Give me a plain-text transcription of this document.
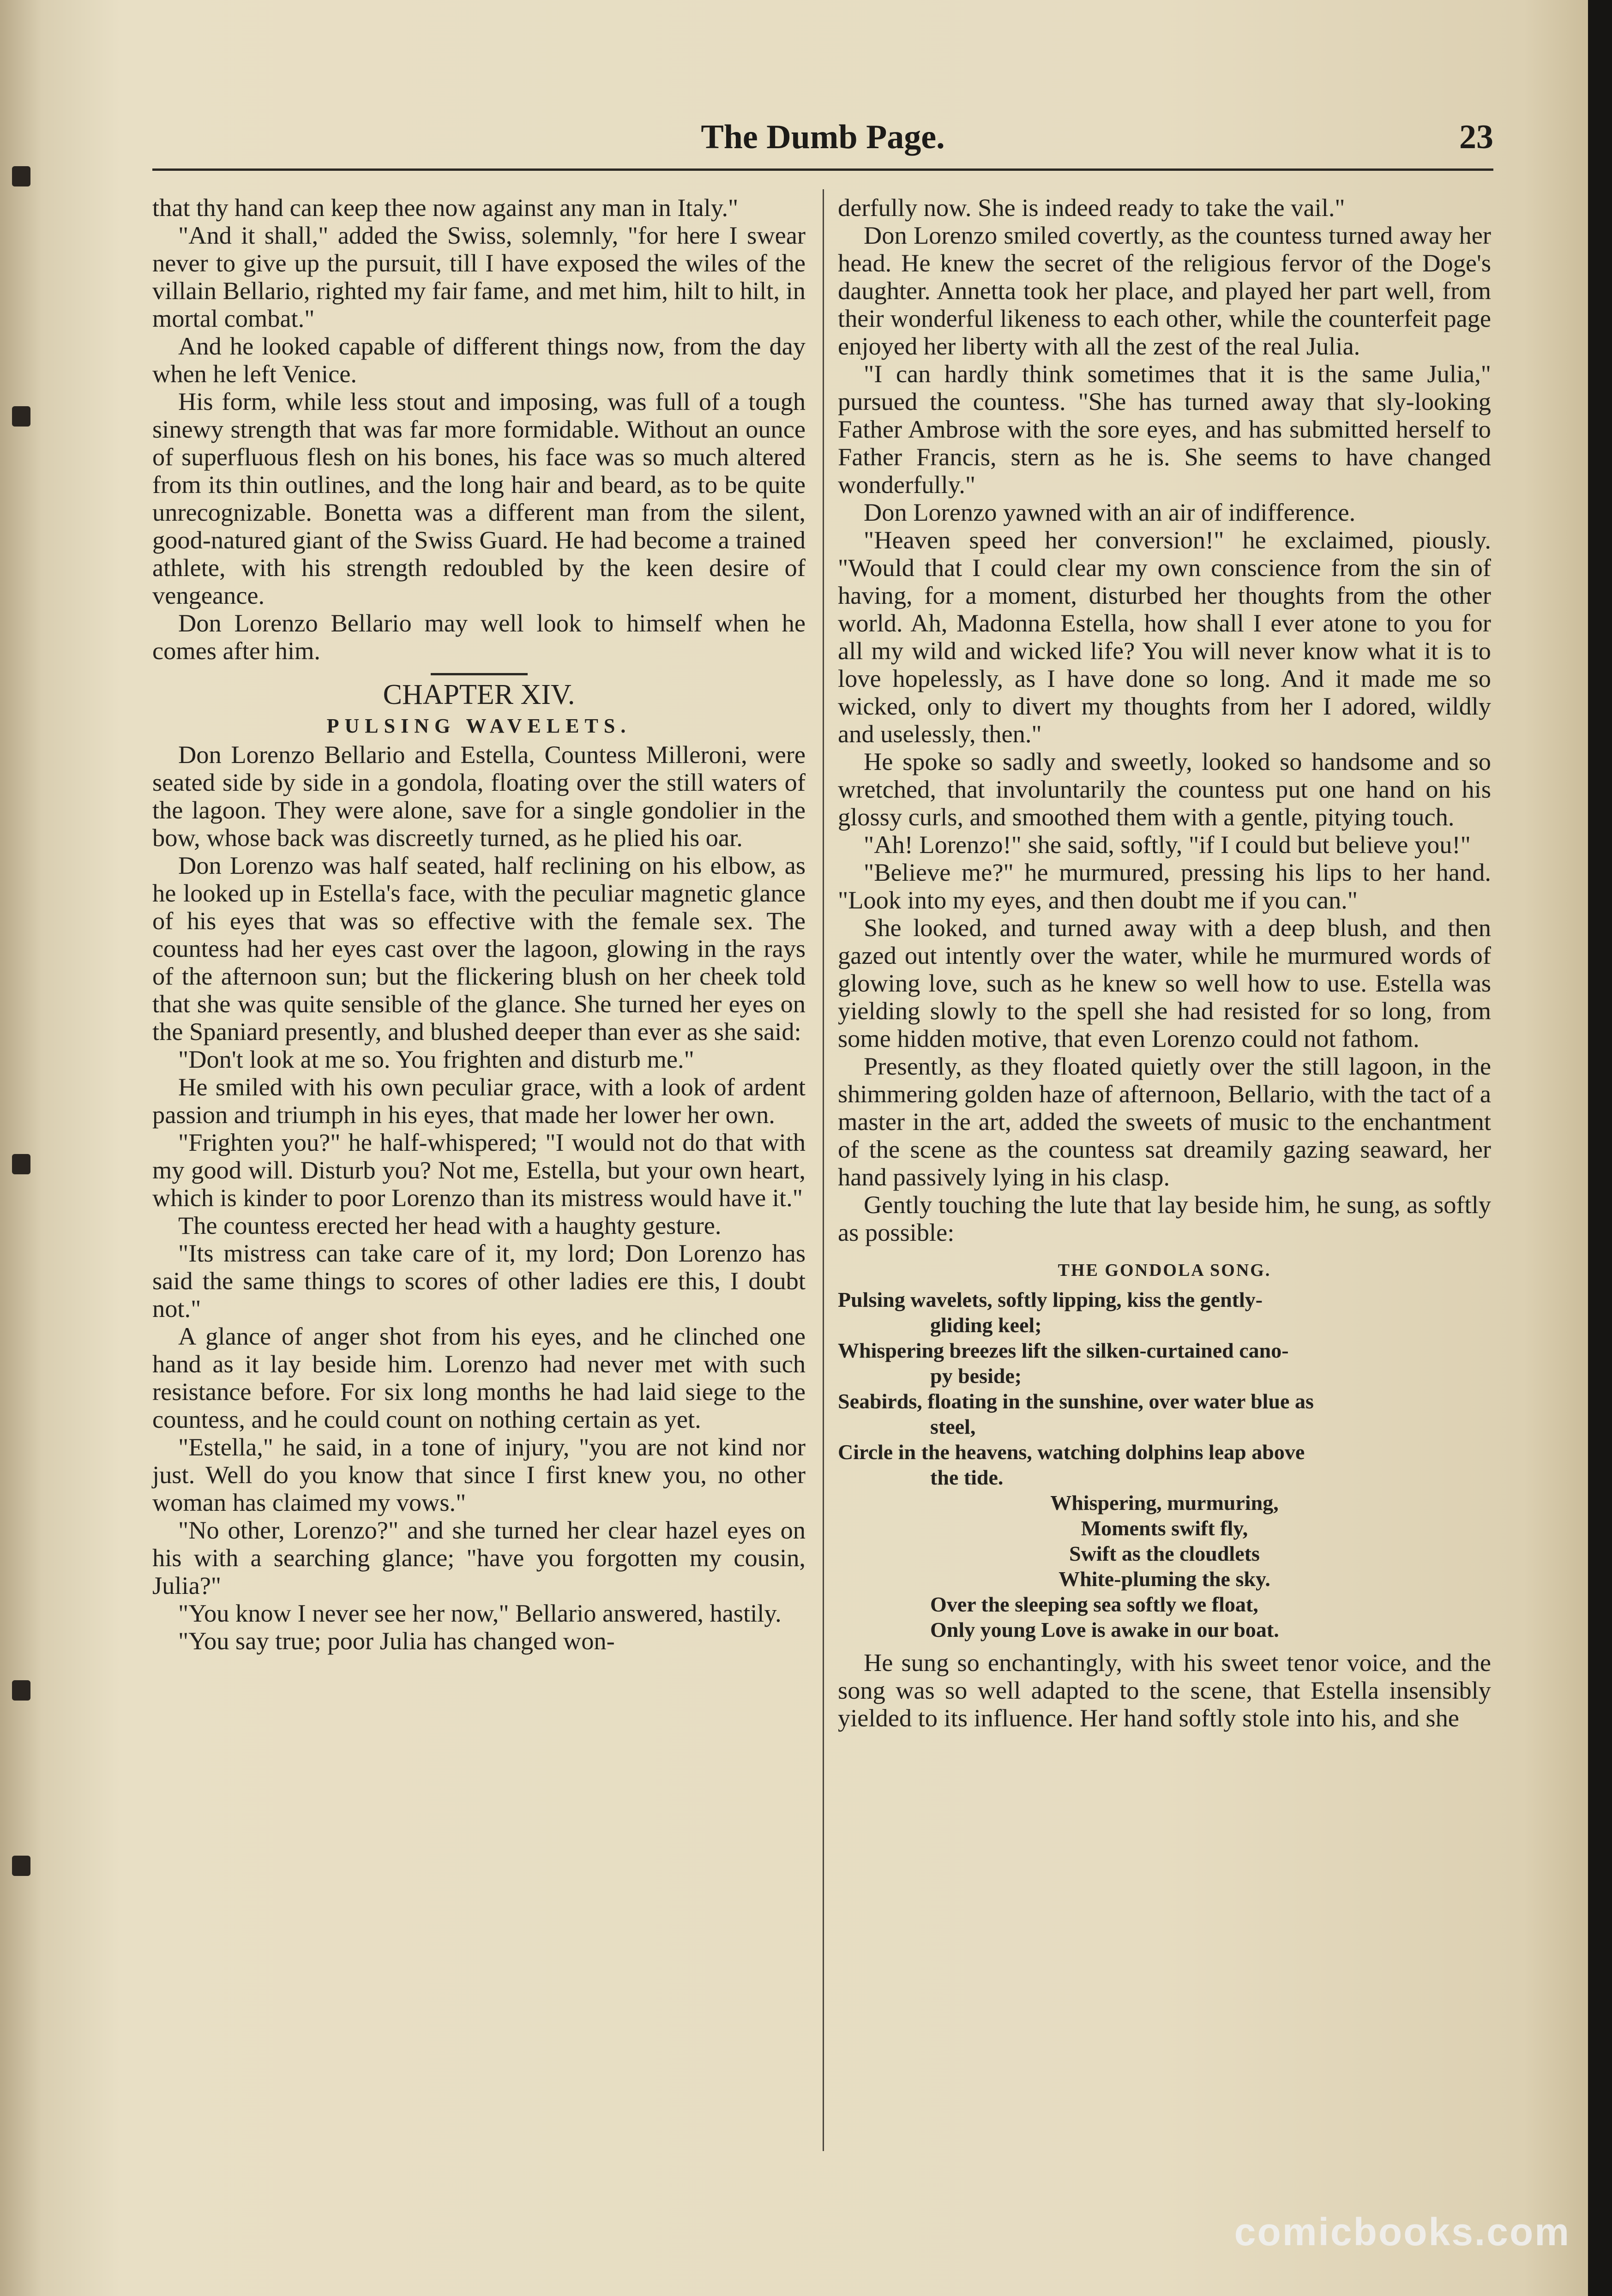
The Dumb Page.	23

that thy hand can keep thee now against any man in Italy."

"And it shall," added the Swiss, solemnly, "for here I swear never to give up the pursuit, till I have exposed the wiles of the villain Bellario, righted my fair fame, and met him, hilt to hilt, in mortal combat."

And he looked capable of different things now, from the day when he left Venice.

His form, while less stout and imposing, was full of a tough sinewy strength that was far more formidable. Without an ounce of superfluous flesh on his bones, his face was so much altered from its thin outlines, and the long hair and beard, as to be quite unrecognizable. Bonetta was a different man from the silent, good-natured giant of the Swiss Guard. He had become a trained athlete, with his strength redoubled by the keen desire of vengeance.

Don Lorenzo Bellario may well look to himself when he comes after him.

CHAPTER XIV.

PULSING WAVELETS.

Don Lorenzo Bellario and Estella, Countess Milleroni, were seated side by side in a gondola, floating over the still waters of the lagoon. They were alone, save for a single gondolier in the bow, whose back was discreetly turned, as he plied his oar.

Don Lorenzo was half seated, half reclining on his elbow, as he looked up in Estella's face, with the peculiar magnetic glance of his eyes that was so effective with the female sex. The countess had her eyes cast over the lagoon, glowing in the rays of the afternoon sun; but the flickering blush on her cheek told that she was quite sensible of the glance. She turned her eyes on the Spaniard presently, and blushed deeper than ever as she said:

"Don't look at me so. You frighten and disturb me."

He smiled with his own peculiar grace, with a look of ardent passion and triumph in his eyes, that made her lower her own.

"Frighten you?" he half-whispered; "I would not do that with my good will. Disturb you? Not me, Estella, but your own heart, which is kinder to poor Lorenzo than its mistress would have it."

The countess erected her head with a haughty gesture.

"Its mistress can take care of it, my lord; Don Lorenzo has said the same things to scores of other ladies ere this, I doubt not."

A glance of anger shot from his eyes, and he clinched one hand as it lay beside him. Lorenzo had never met with such resistance before. For six long months he had laid siege to the countess, and he could count on nothing certain as yet.

"Estella," he said, in a tone of injury, "you are not kind nor just. Well do you know that since I first knew you, no other woman has claimed my vows."

"No other, Lorenzo?" and she turned her clear hazel eyes on his with a searching glance; "have you forgotten my cousin, Julia?"

"You know I never see her now," Bellario answered, hastily.

"You say true; poor Julia has changed won-

derfully now. She is indeed ready to take the vail."

Don Lorenzo smiled covertly, as the countess turned away her head. He knew the secret of the religious fervor of the Doge's daughter. Annetta took her place, and played her part well, from their wonderful likeness to each other, while the counterfeit page enjoyed her liberty with all the zest of the real Julia.

"I can hardly think sometimes that it is the same Julia," pursued the countess. "She has turned away that sly-looking Father Ambrose with the sore eyes, and has submitted herself to Father Francis, stern as he is. She seems to have changed wonderfully."

Don Lorenzo yawned with an air of indifference.

"Heaven speed her conversion!" he exclaimed, piously. "Would that I could clear my own conscience from the sin of having, for a moment, disturbed her thoughts from the other world. Ah, Madonna Estella, how shall I ever atone to you for all my wild and wicked life? You will never know what it is to love hopelessly, as I have done so long. And it made me so wicked, only to divert my thoughts from her I adored, wildly and uselessly, then."

He spoke so sadly and sweetly, looked so handsome and so wretched, that involuntarily the countess put one hand on his glossy curls, and smoothed them with a gentle, pitying touch.

"Ah! Lorenzo!" she said, softly, "if I could but believe you!"

"Believe me?" he murmured, pressing his lips to her hand. "Look into my eyes, and then doubt me if you can."

She looked, and turned away with a deep blush, and then gazed out intently over the water, while he murmured words of glowing love, such as he knew so well how to use. Estella was yielding slowly to the spell she had resisted for so long, from some hidden motive, that even Lorenzo could not fathom.

Presently, as they floated quietly over the still lagoon, in the shimmering golden haze of afternoon, Bellario, with the tact of a master in the art, added the sweets of music to the enchantment of the scene as the countess sat dreamily gazing seaward, her hand passively lying in his clasp.

Gently touching the lute that lay beside him, he sung, as softly as possible:

THE GONDOLA SONG.

Pulsing wavelets, softly lipping, kiss the gently-

gliding keel;

Whispering breezes lift the silken-curtained cano-

py beside;

Seabirds, floating in the sunshine, over water blue as

steel,

Circle in the heavens, watching dolphins leap above

the tide.

Whispering, murmuring,

Moments swift fly,

Swift as the cloudlets

White-pluming the sky.

Over the sleeping sea softly we float,

Only young Love is awake in our boat.

He sung so enchantingly, with his sweet tenor voice, and the song was so well adapted to the scene, that Estella insensibly yielded to its influence. Her hand softly stole into his, and she

comicbooks.com
